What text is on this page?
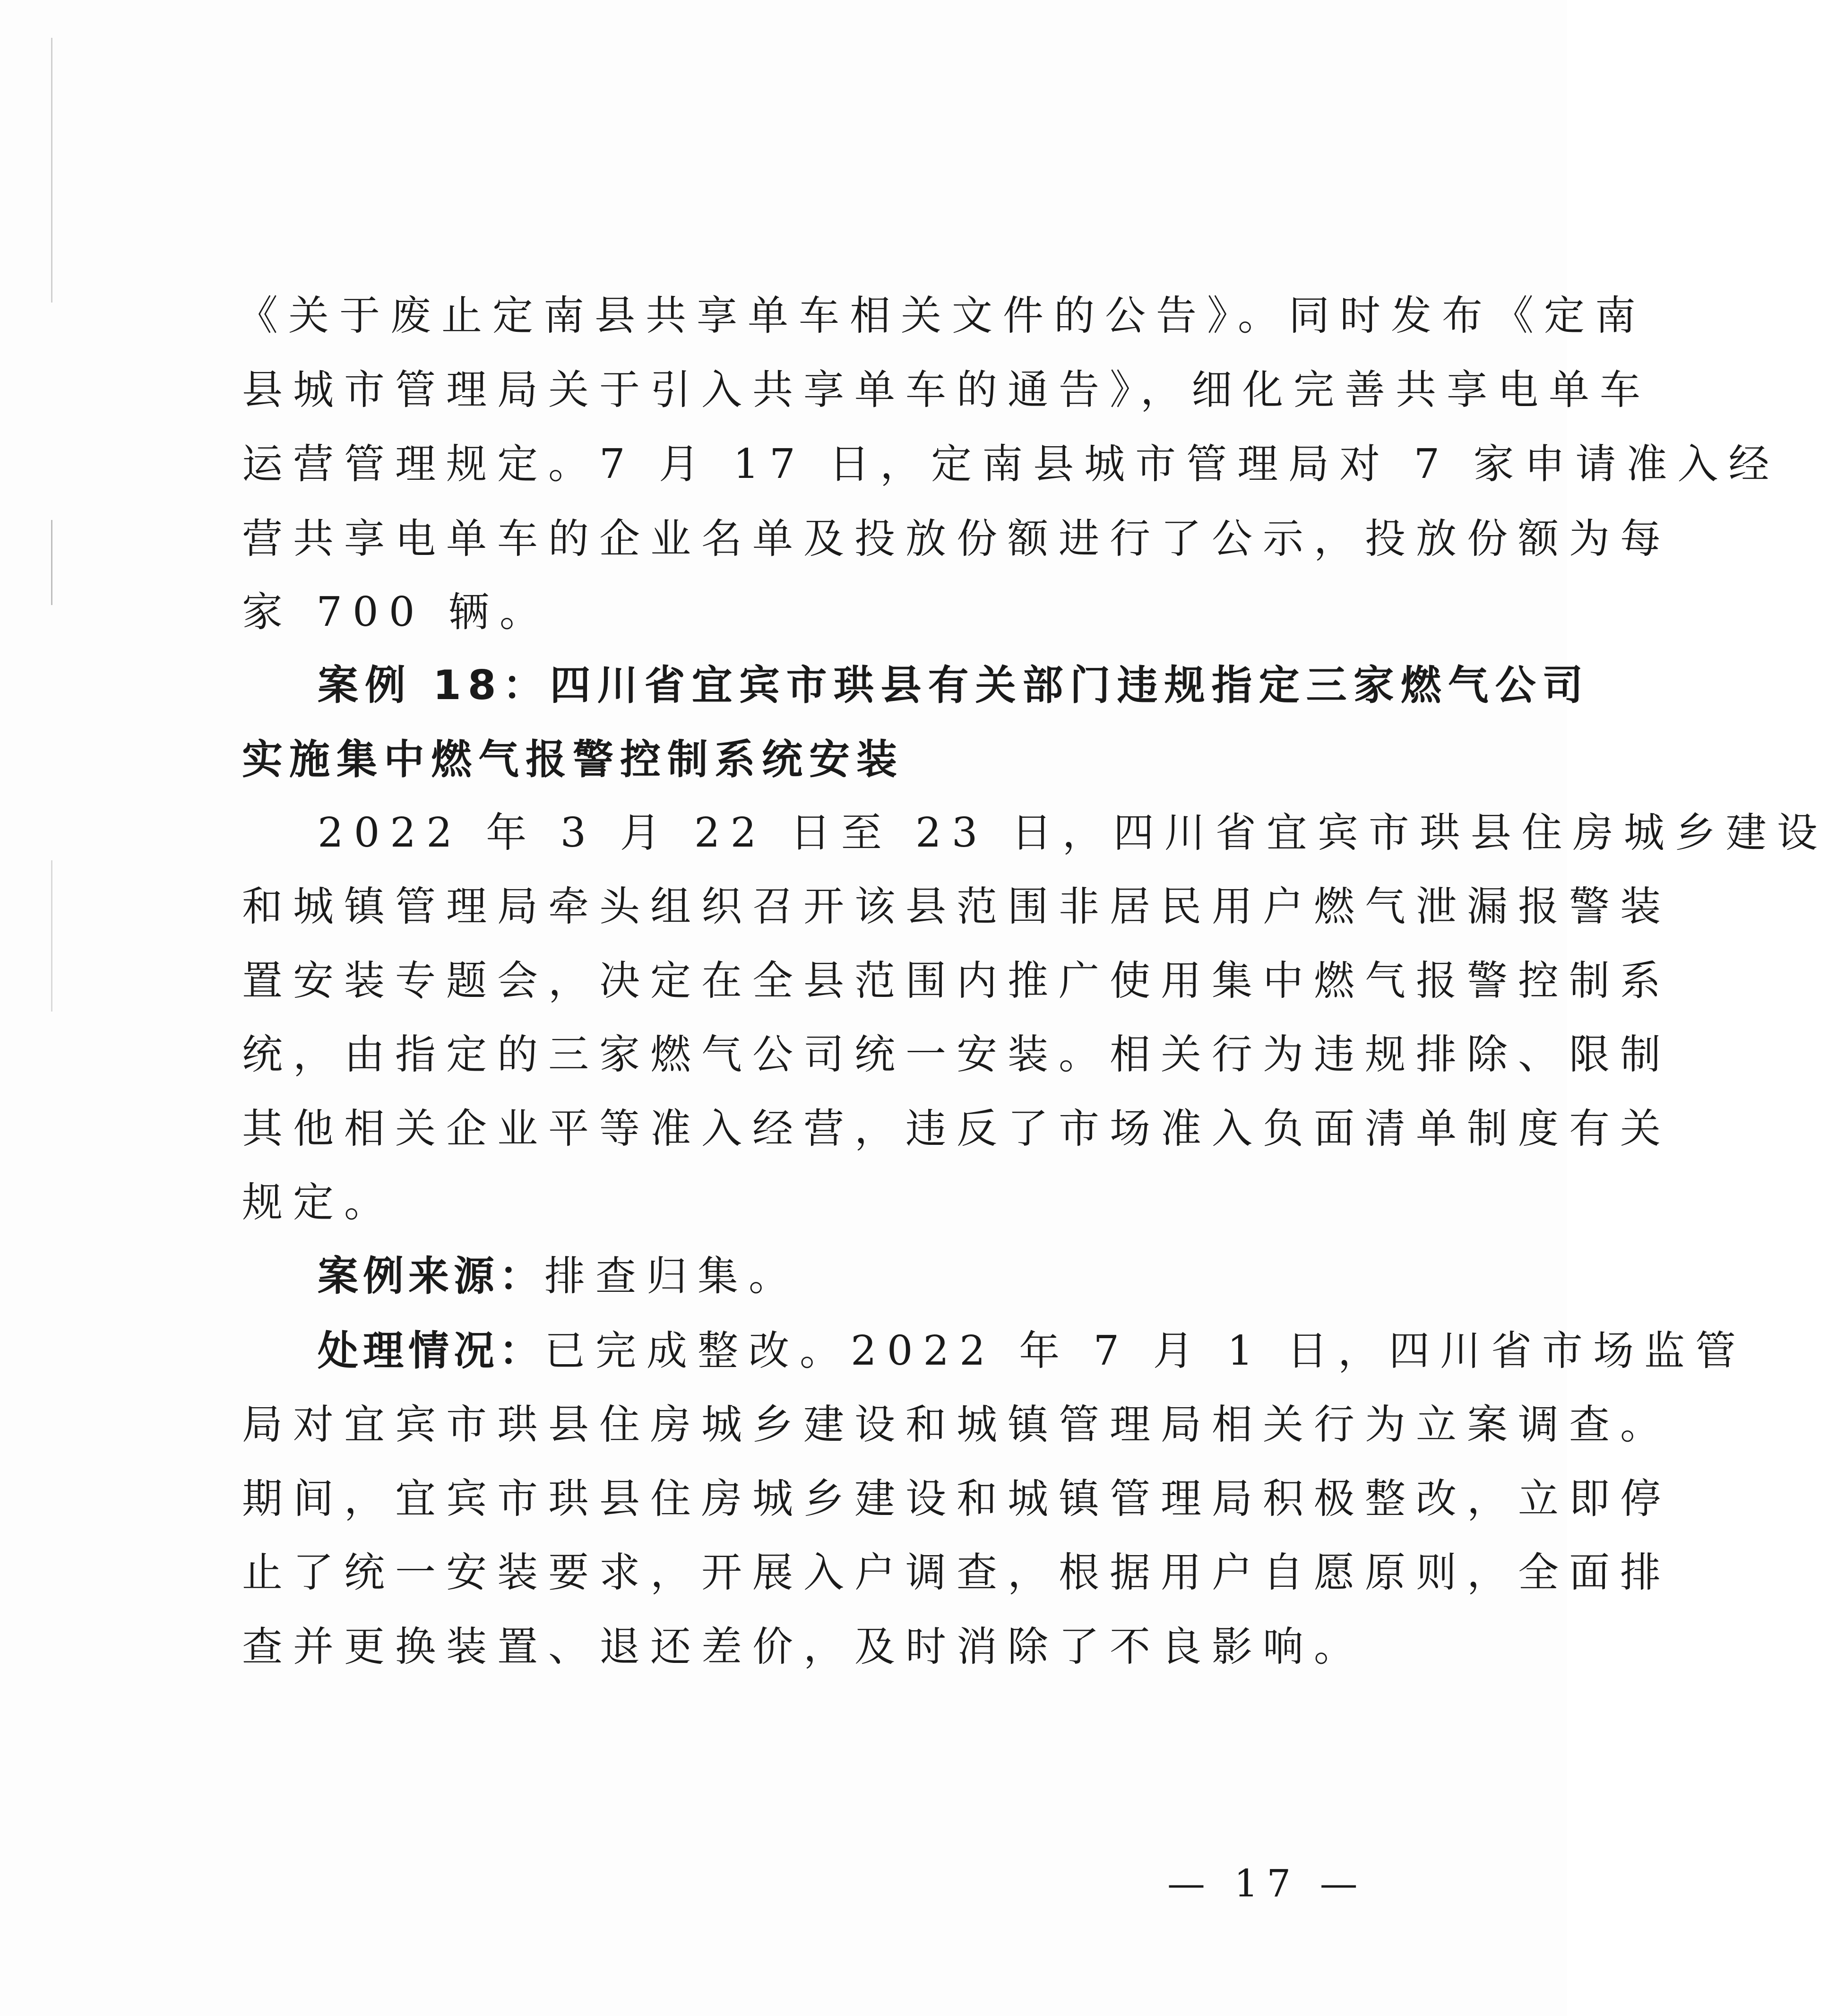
《关于废止定南县共享单车相关文件的公告》。同时发布《定南
县城市管理局关于引入共享单车的通告》，细化完善共享电单车
运营管理规定。7 月 17 日，定南县城市管理局对 7 家申请准入经
营共享电单车的企业名单及投放份额进行了公示，投放份额为每
家 700 辆。
案例 18：四川省宜宾市珙县有关部门违规指定三家燃气公司
实施集中燃气报警控制系统安装
2022 年 3 月 22 日至 23 日，四川省宜宾市珙县住房城乡建设
和城镇管理局牵头组织召开该县范围非居民用户燃气泄漏报警装
置安装专题会，决定在全县范围内推广使用集中燃气报警控制系
统，由指定的三家燃气公司统一安装。相关行为违规排除、限制
其他相关企业平等准入经营，违反了市场准入负面清单制度有关
规定。
案例来源：排查归集。
处理情况：已完成整改。2022 年 7 月 1 日，四川省市场监管
局对宜宾市珙县住房城乡建设和城镇管理局相关行为立案调查。
期间，宜宾市珙县住房城乡建设和城镇管理局积极整改，立即停
止了统一安装要求，开展入户调查，根据用户自愿原则，全面排
查并更换装置、退还差价，及时消除了不良影响。
— 17 —
